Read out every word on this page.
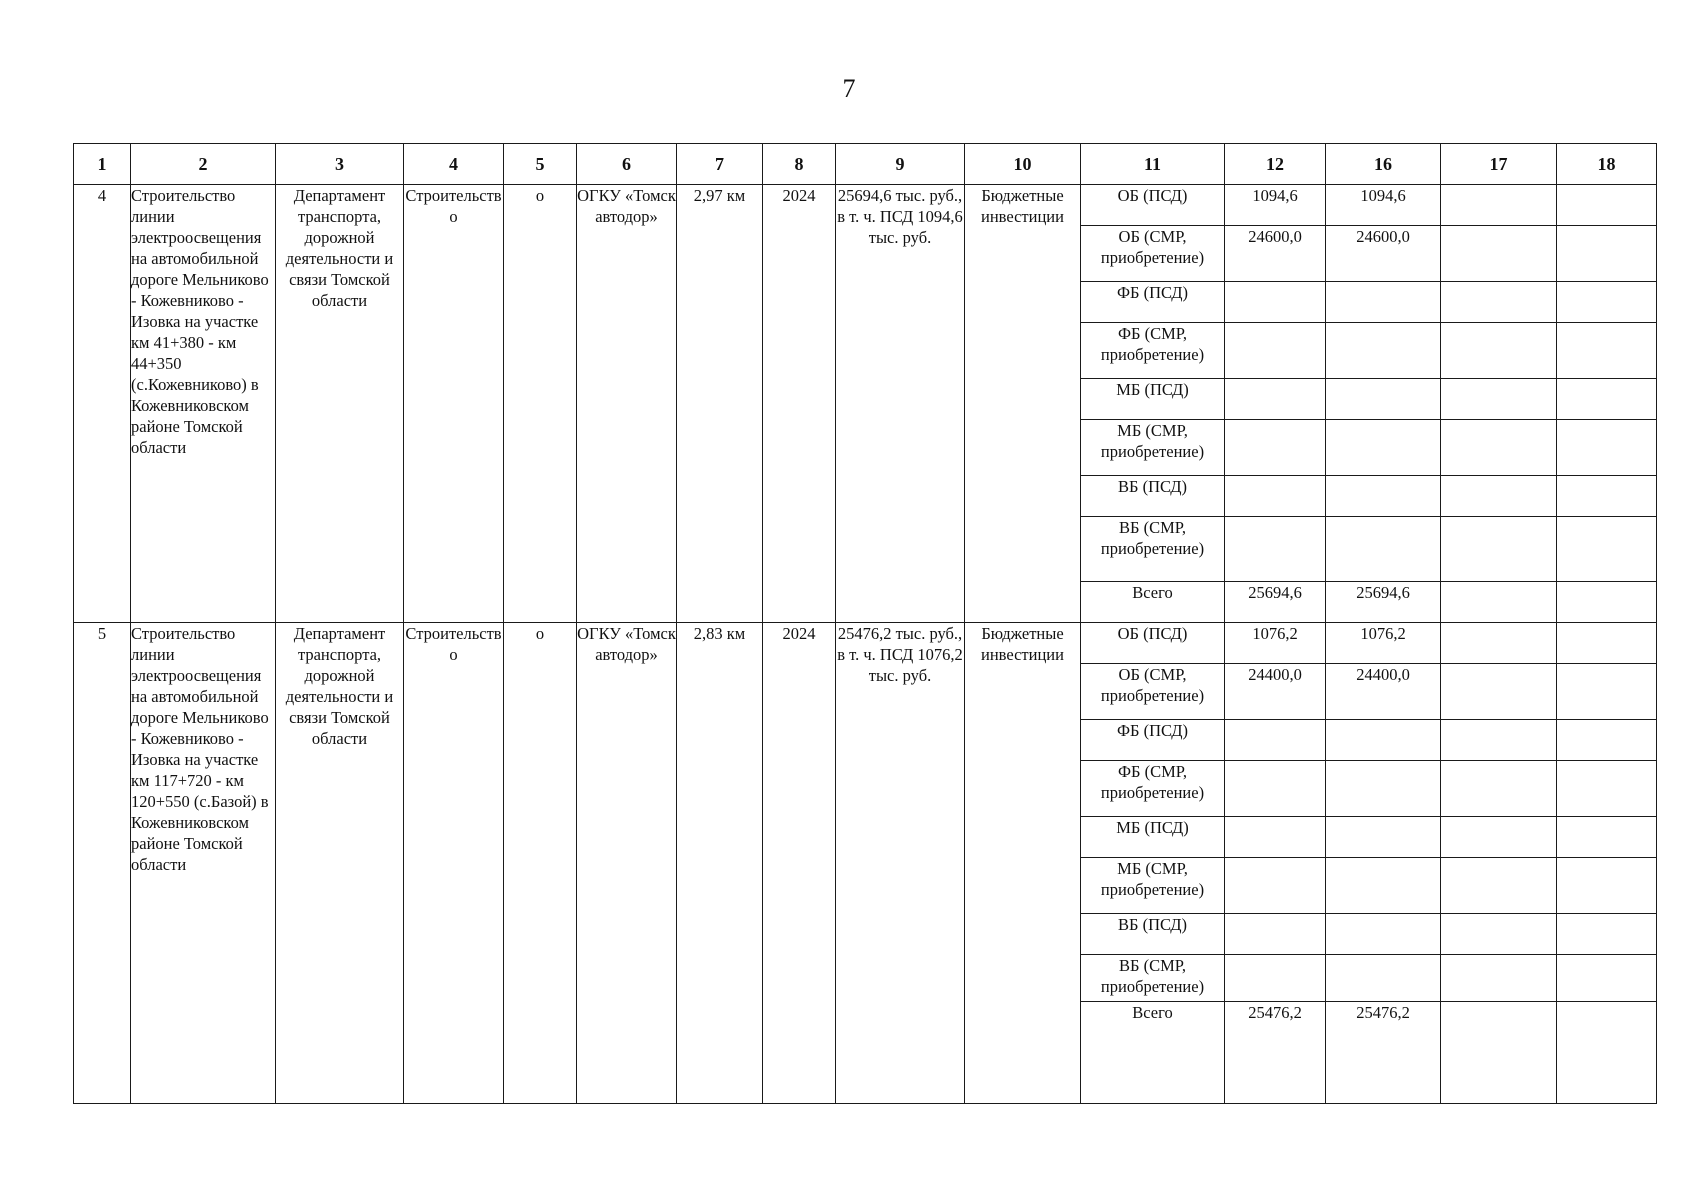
7
1	2	3	4	5	6	7	8	9	10	11	12	16	17	18
4	Строительство линии электроосвещения на автомобильной дороге Мельниково - Кожевниково - Изовка на участке км 41+380 - км 44+350 (с.Кожевниково) в Кожевниковском районе Томской области	Департамент транспорта, дорожной деятельности и связи Томской области	Строительство	о	ОГКУ «Томскавтодор»	2,97 км	2024	25694,6 тыс. руб., в т. ч. ПСД 1094,6 тыс. руб.	Бюджетные инвестиции	ОБ (ПСД)	1094,6	1094,6		
										ОБ (СМР, приобретение)	24600,0	24600,0		
										ФБ (ПСД)				
										ФБ (СМР, приобретение)				
										МБ (ПСД)				
										МБ (СМР, приобретение)				
										ВБ (ПСД)				
										ВБ (СМР, приобретение)				
										Всего	25694,6	25694,6		
5	Строительство линии электроосвещения на автомобильной дороге Мельниково - Кожевниково - Изовка на участке км 117+720 - км 120+550 (с.Базой) в Кожевниковском районе Томской области	Департамент транспорта, дорожной деятельности и связи Томской области	Строительство	о	ОГКУ «Томскавтодор»	2,83 км	2024	25476,2 тыс. руб., в т. ч. ПСД 1076,2 тыс. руб.	Бюджетные инвестиции	ОБ (ПСД)	1076,2	1076,2		
										ОБ (СМР, приобретение)	24400,0	24400,0		
										ФБ (ПСД)				
										ФБ (СМР, приобретение)				
										МБ (ПСД)				
										МБ (СМР, приобретение)				
										ВБ (ПСД)				
										ВБ (СМР, приобретение)				
										Всего	25476,2	25476,2		
